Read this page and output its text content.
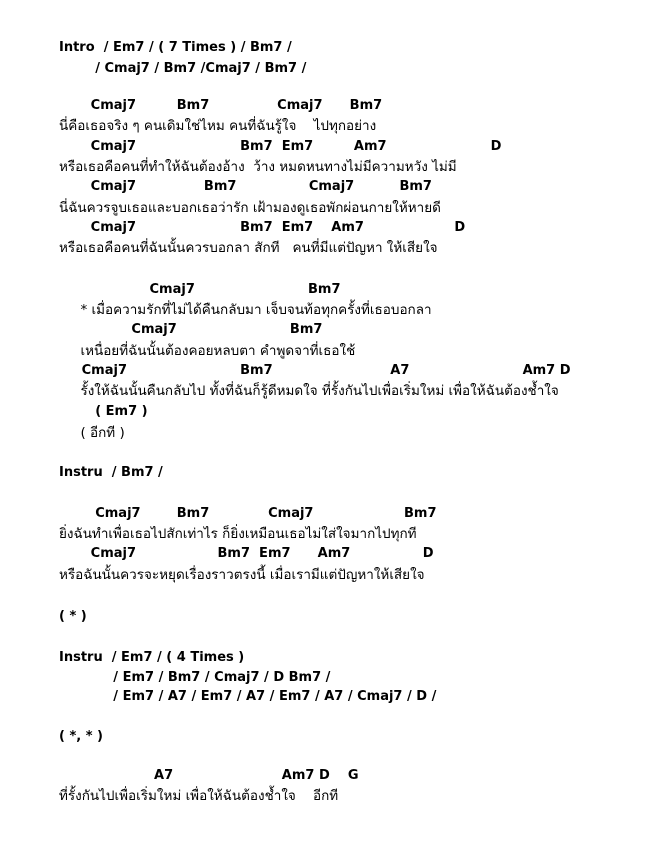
Intro  / Em7 / ( 7 Times ) / Bm7 /
/ Cmaj7 / Bm7 /Cmaj7 / Bm7 /
Cmaj7         Bm7               Cmaj7      Bm7
นี่คือเธอจริง ๆ คนเดิมใช่ไหม คนที่ฉันรู้ใจ    ไปทุกอย่าง
Cmaj7                       Bm7  Em7         Am7                       D
หรือเธอคือคนที่ทำให้ฉันต้องอ้าง  ว้าง หมดหนทางไม่มีความหวัง ไม่มี
Cmaj7               Bm7                Cmaj7          Bm7
นี่ฉันควรจูบเธอและบอกเธอว่ารัก เฝ้ามองดูเธอพักผ่อนกายให้หายดี
Cmaj7                       Bm7  Em7    Am7                    D
หรือเธอคือคนที่ฉันนั้นควรบอกลา สักที   คนที่มีแต่ปัญหา ให้เสียใจ
Cmaj7                         Bm7
* เมื่อความรักที่ไม่ได้คืนกลับมา เจ็บจนท้อทุกครั้งที่เธอบอกลา
Cmaj7                         Bm7
เหนื่อยที่ฉันนั้นต้องคอยหลบตา คำพูดจาที่เธอใช้
Cmaj7                         Bm7                          A7                         Am7 D
รั้งให้ฉันนั้นคืนกลับไป ทั้งที่ฉันก็รู้ดีหมดใจ ที่รั้งกันไปเพื่อเริ่มใหม่ เพื่อให้ฉันต้องช้ำใจ
( Em7 )
( อีกที )
Instru  / Bm7 /
Cmaj7        Bm7             Cmaj7                    Bm7
ยิ่งฉันทำเพื่อเธอไปสักเท่าไร ก็ยิ่งเหมือนเธอไม่ใส่ใจมากไปทุกที
Cmaj7                  Bm7  Em7      Am7                D
หรือฉันนั้นควรจะหยุดเรื่องราวตรงนี้ เมื่อเรามีแต่ปัญหาให้เสียใจ
( * )
Instru  / Em7 / ( 4 Times )
/ Em7 / Bm7 / Cmaj7 / D Bm7 /
/ Em7 / A7 / Em7 / A7 / Em7 / A7 / Cmaj7 / D /
( *, * )
A7                        Am7 D    G
ที่รั้งกันไปเพื่อเริ่มใหม่ เพื่อให้ฉันต้องช้ำใจ    อีกที
